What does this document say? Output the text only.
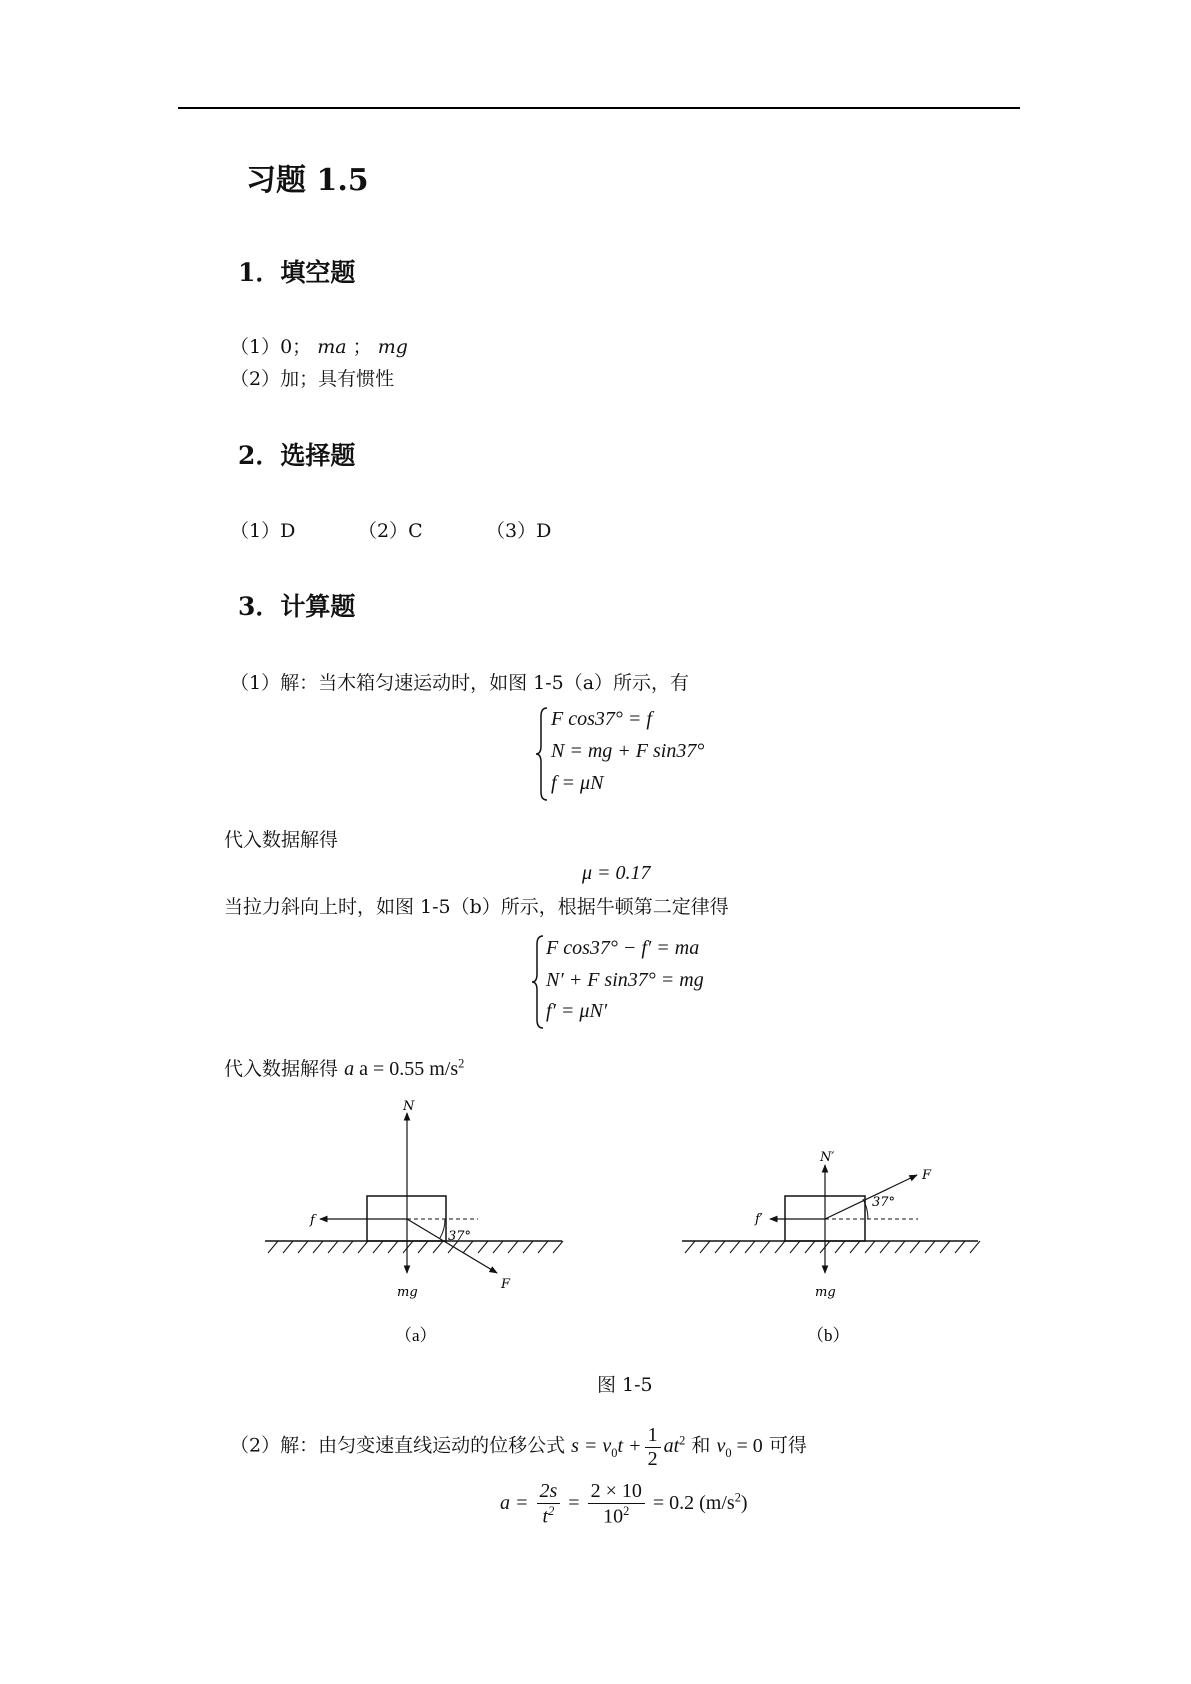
习题 1.5
1．填空题
（1）0； ma ； mg
（2）加；具有惯性
2．选择题
（1）D	（2）C	（3）D
3．计算题
（1）解：当木箱匀速运动时，如图 1-5（a）所示，有
F cos37° = f
N = mg + F sin37°
f = μN
代入数据解得
μ = 0.17
当拉力斜向上时，如图 1-5（b）所示，根据牛顿第二定律得
F cos37° − f′ = ma
N′ + F sin37° = mg
f′ = μN′
代入数据解得 a a = 0.55 $m/s^2$
N
f
mg
F
37°
（a）
N′
f′
mg
F
37°
（b）
图 1-5
（2）解：由匀变速直线运动的位移公式 $s = v_0t + \frac{1}{2} at^2$ 和 $v_0 = 0$ 可得
$a = \frac{2s}{t^2} = \frac{2 \times 10}{10^2} = 0.2$ $(m/s^2)$
